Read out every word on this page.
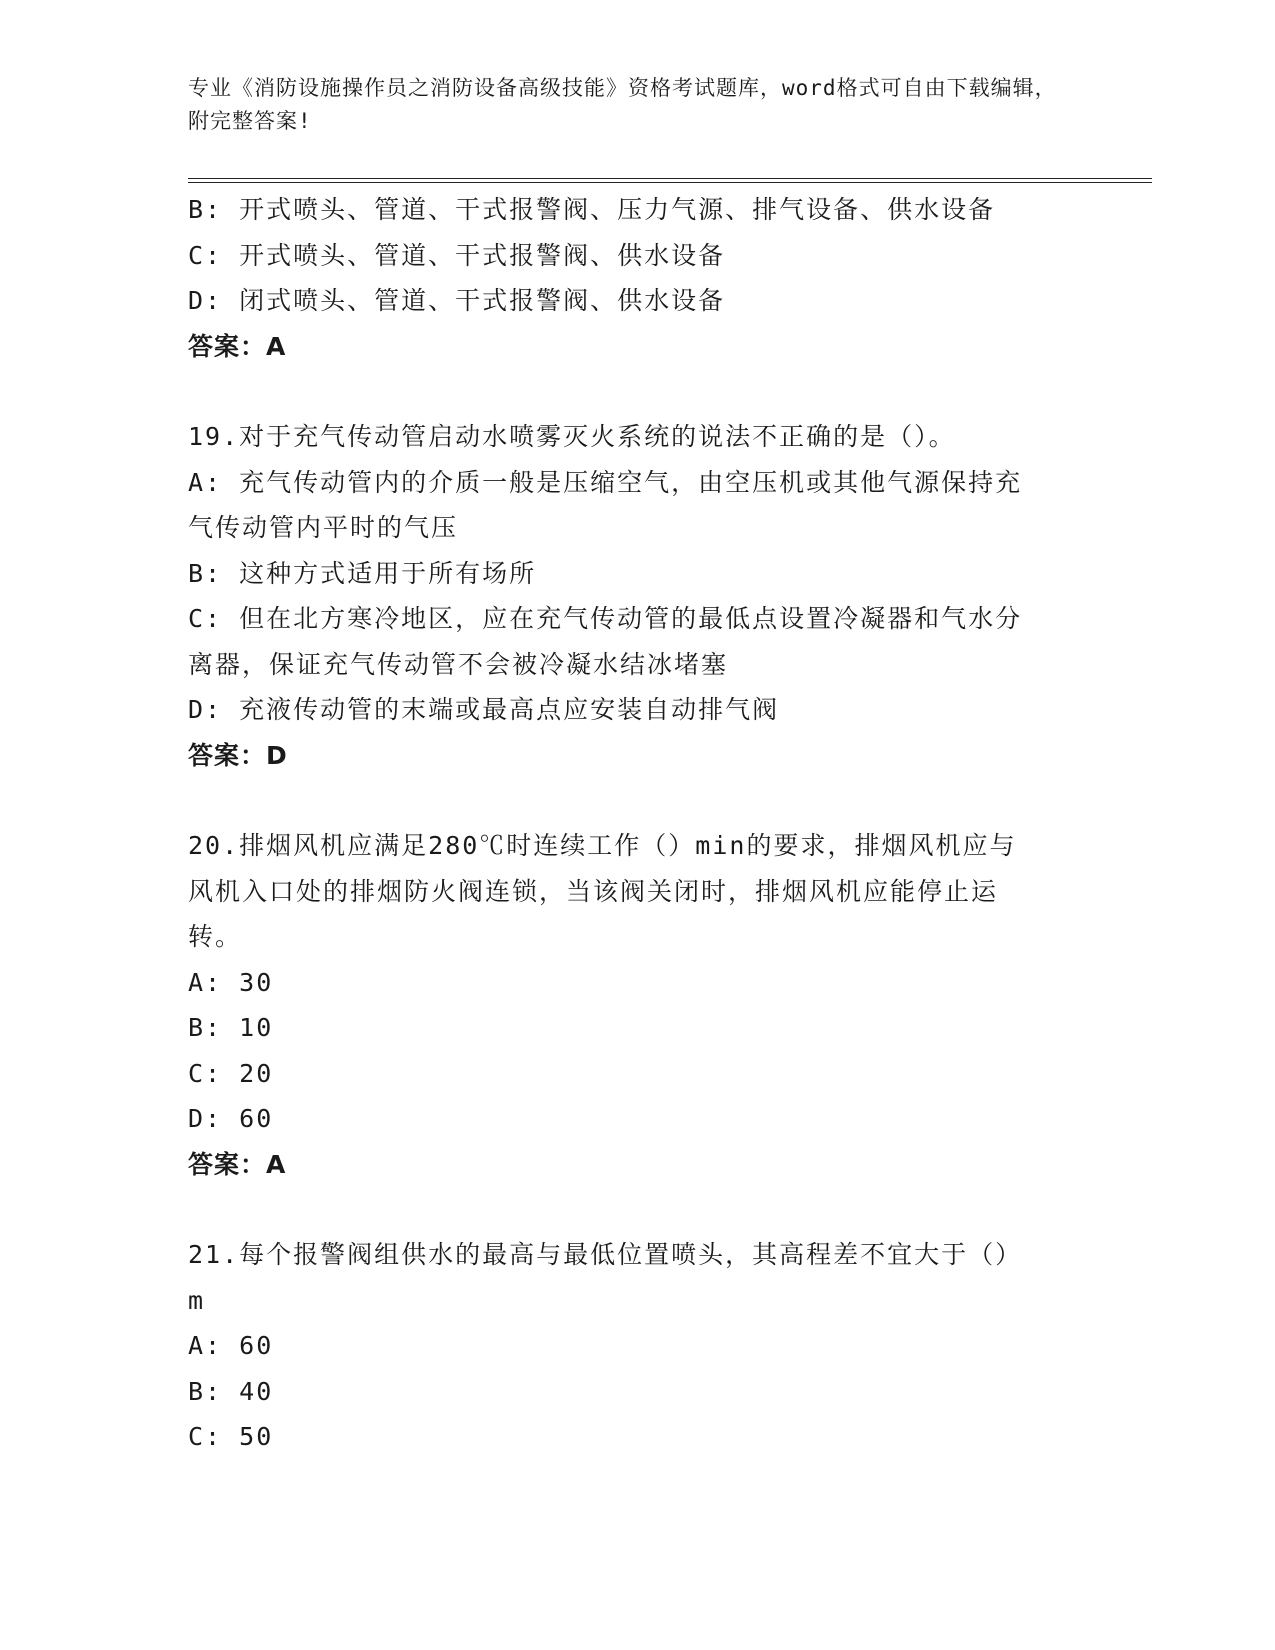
专业《消防设施操作员之消防设备高级技能》资格考试题库，word格式可自由下载编辑，附完整答案!
B: 开式喷头、管道、干式报警阀、压力气源、排气设备、供水设备
C: 开式喷头、管道、干式报警阀、供水设备
D: 闭式喷头、管道、干式报警阀、供水设备
答案：A
19.对于充气传动管启动水喷雾灭火系统的说法不正确的是（）。
A: 充气传动管内的介质一般是压缩空气，由空压机或其他气源保持充
气传动管内平时的气压
B: 这种方式适用于所有场所
C: 但在北方寒冷地区，应在充气传动管的最低点设置冷凝器和气水分
离器，保证充气传动管不会被冷凝水结冰堵塞
D: 充液传动管的末端或最高点应安装自动排气阀
答案：D
20.排烟风机应满足280℃时连续工作（）min的要求，排烟风机应与
风机入口处的排烟防火阀连锁，当该阀关闭时，排烟风机应能停止运
转。
A: 30
B: 10
C: 20
D: 60
答案：A
21.每个报警阀组供水的最高与最低位置喷头，其高程差不宜大于（）
m
A: 60
B: 40
C: 50
